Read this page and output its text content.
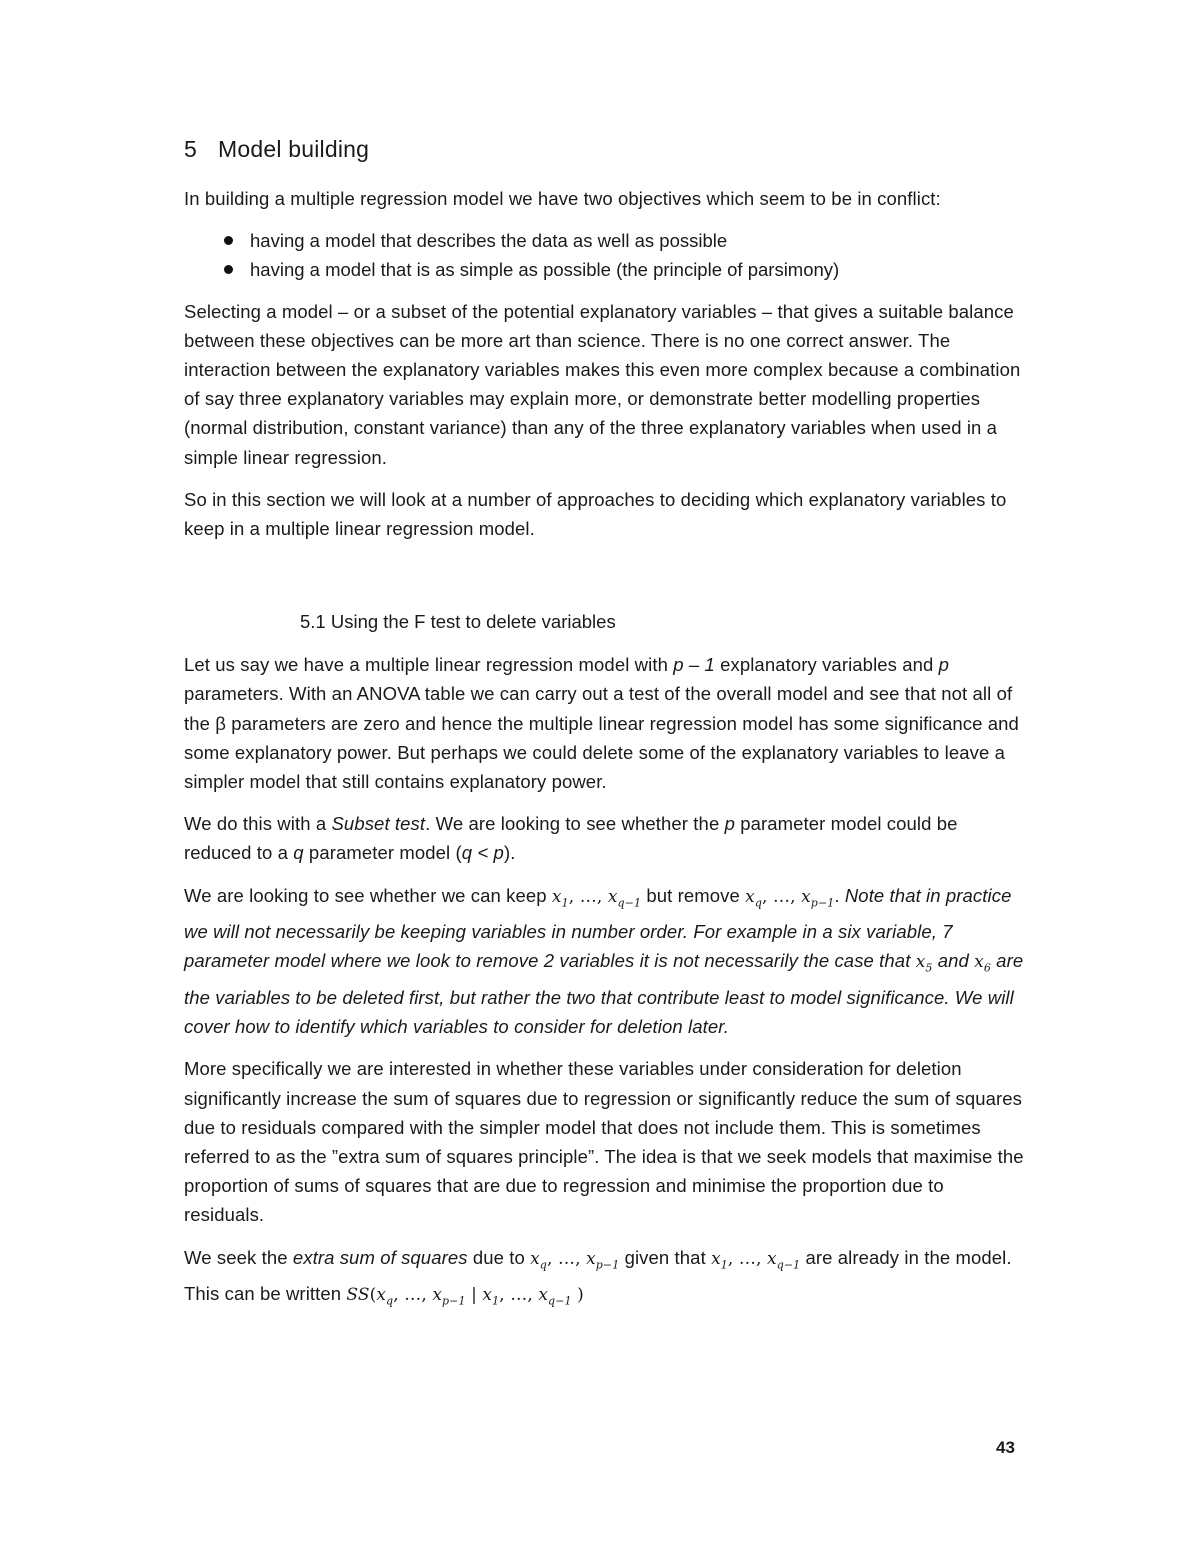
5 Model building

In building a multiple regression model we have two objectives which seem to be in conflict:

having a model that describes the data as well as possible
having a model that is as simple as possible (the principle of parsimony)

Selecting a model – or a subset of the potential explanatory variables – that gives a suitable balance between these objectives can be more art than science. There is no one correct answer. The interaction between the explanatory variables makes this even more complex because a combination of say three explanatory variables may explain more, or demonstrate better modelling properties (normal distribution, constant variance) than any of the three explanatory variables when used in a simple linear regression.

So in this section we will look at a number of approaches to deciding which explanatory variables to keep in a multiple linear regression model.

5.1 Using the F test to delete variables

Let us say we have a multiple linear regression model with p – 1 explanatory variables and p parameters. With an ANOVA table we can carry out a test of the overall model and see that not all of the β parameters are zero and hence the multiple linear regression model has some significance and some explanatory power. But perhaps we could delete some of the explanatory variables to leave a simpler model that still contains explanatory power.

We do this with a Subset test. We are looking to see whether the p parameter model could be reduced to a q parameter model (q < p).

We are looking to see whether we can keep $x_1$, …, $x_{q-1}$ but remove $x_q$, …, $x_{p-1}$. Note that in practice we will not necessarily be keeping variables in number order. For example in a six variable, 7 parameter model where we look to remove 2 variables it is not necessarily the case that $x_5$ and $x_6$ are the variables to be deleted first, but rather the two that contribute least to model significance. We will cover how to identify which variables to consider for deletion later.

More specifically we are interested in whether these variables under consideration for deletion significantly increase the sum of squares due to regression or significantly reduce the sum of squares due to residuals compared with the simpler model that does not include them. This is sometimes referred to as the ”extra sum of squares principle”. The idea is that we seek models that maximise the proportion of sums of squares that are due to regression and minimise the proportion due to residuals.

We seek the extra sum of squares due to $x_q$, …, $x_{p-1}$ given that $x_1$, …, $x_{q-1}$ are already in the model. This can be written $SS(x_q$, …, $x_{p-1}$ | $x_1$, …, $x_{q-1}$ )

43
